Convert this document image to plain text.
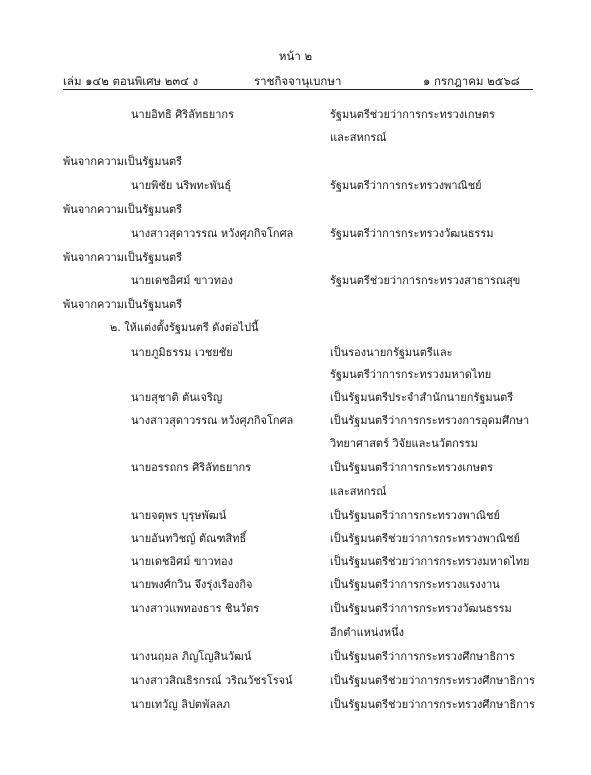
หน้า ๒
เล่ม ๑๔๒ ตอนพิเศษ ๒๓๔ ง	ราชกิจจานุเบกษา	๑ กรกฎาคม ๒๕๖๘
นายอิทธิ ศิริลัทธยากร	รัฐมนตรีช่วยว่าการกระทรวงเกษตร
และสหกรณ์
พ้นจากความเป็นรัฐมนตรี
นายพิชัย นริพทะพันธุ์	รัฐมนตรีว่าการกระทรวงพาณิชย์
พ้นจากความเป็นรัฐมนตรี
นางสาวสุดาวรรณ หวังศุภกิจโกศล	รัฐมนตรีว่าการกระทรวงวัฒนธรรม
พ้นจากความเป็นรัฐมนตรี
นายเดชอิศม์ ขาวทอง	รัฐมนตรีช่วยว่าการกระทรวงสาธารณสุข
พ้นจากความเป็นรัฐมนตรี
๒. ให้แต่งตั้งรัฐมนตรี ดังต่อไปนี้
นายภูมิธรรม เวชยชัย	เป็นรองนายกรัฐมนตรีและ
รัฐมนตรีว่าการกระทรวงมหาดไทย
นายสุชาติ ตันเจริญ	เป็นรัฐมนตรีประจำสำนักนายกรัฐมนตรี
นางสาวสุดาวรรณ หวังศุภกิจโกศล	เป็นรัฐมนตรีว่าการกระทรวงการอุดมศึกษา
วิทยาศาสตร์ วิจัยและนวัตกรรม
นายอรรถกร ศิริลัทธยากร	เป็นรัฐมนตรีว่าการกระทรวงเกษตร
และสหกรณ์
นายจตุพร บุรุษพัฒน์	เป็นรัฐมนตรีว่าการกระทรวงพาณิชย์
นายอันทวิชญ์ ตัณฑสิทธิ์	เป็นรัฐมนตรีช่วยว่าการกระทรวงพาณิชย์
นายเดชอิศม์ ขาวทอง	เป็นรัฐมนตรีช่วยว่าการกระทรวงมหาดไทย
นายพงศ์กวิน จึงรุ่งเรืองกิจ	เป็นรัฐมนตรีว่าการกระทรวงแรงงาน
นางสาวแพทองธาร ชินวัตร	เป็นรัฐมนตรีว่าการกระทรวงวัฒนธรรม
อีกตำแหน่งหนึ่ง
นางนฤมล ภิญโญสินวัฒน์	เป็นรัฐมนตรีว่าการกระทรวงศึกษาธิการ
นางสาวสิณธิรกรณ์ วริณวัชรโรจน์	เป็นรัฐมนตรีช่วยว่าการกระทรวงศึกษาธิการ
นายเทวัญ ลิปตพัลลภ	เป็นรัฐมนตรีช่วยว่าการกระทรวงศึกษาธิการ
